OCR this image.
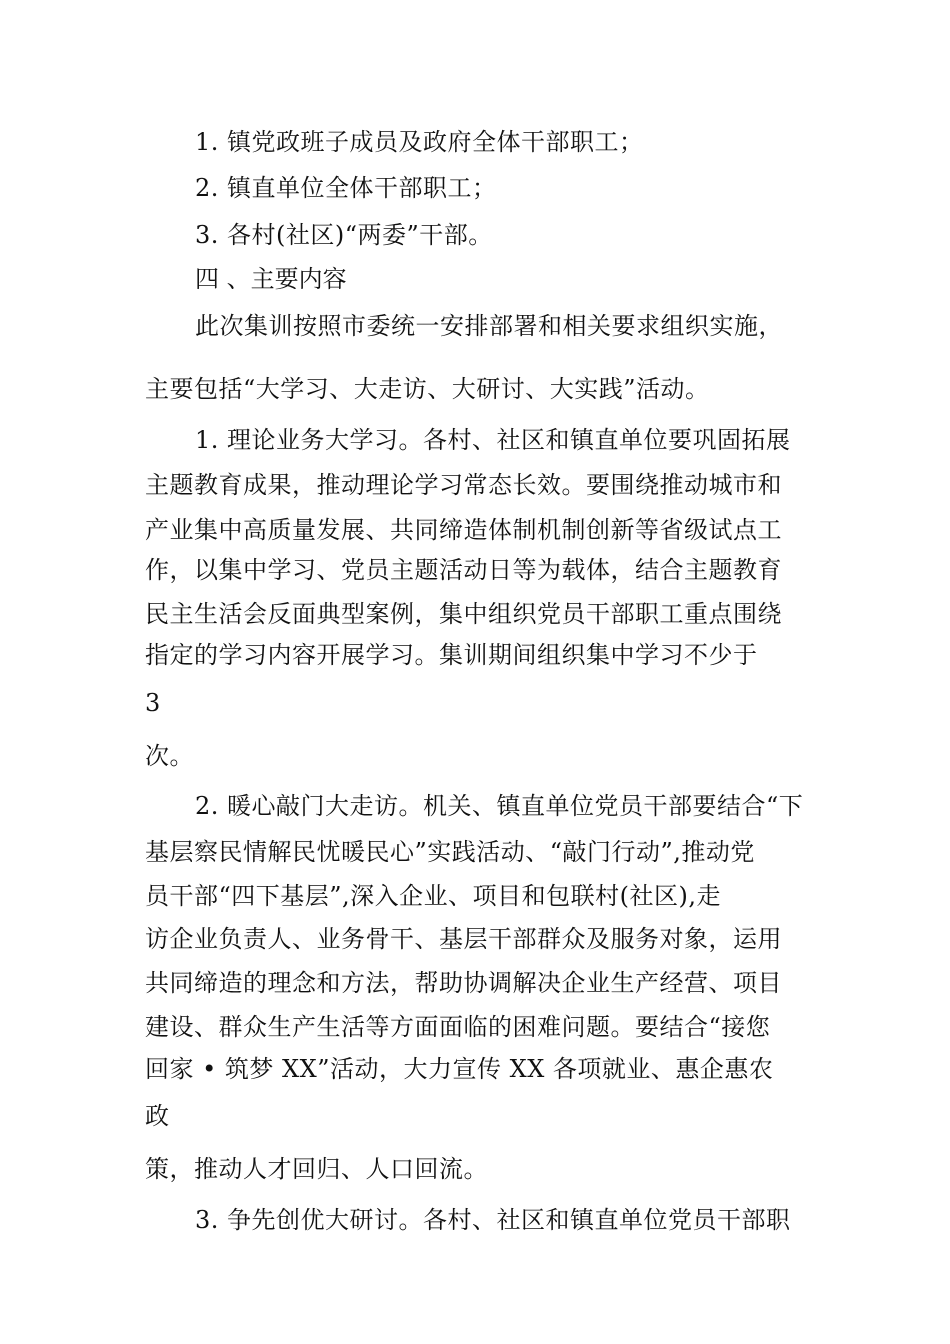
1. 镇党政班子成员及政府全体干部职工；
2. 镇直单位全体干部职工；
3. 各村(社区)“两委”干部。
四 、主要内容
此次集训按照市委统一安排部署和相关要求组织实施，
主要包括“大学习、大走访、大研讨、大实践”活动。
1. 理论业务大学习。各村、社区和镇直单位要巩固拓展
主题教育成果，推动理论学习常态长效。要围绕推动城市和
产业集中高质量发展、共同缔造体制机制创新等省级试点工
作，以集中学习、党员主题活动日等为载体，结合主题教育
民主生活会反面典型案例，集中组织党员干部职工重点围绕
指定的学习内容开展学习。集训期间组织集中学习不少于
3
次。
2. 暖心敲门大走访。机关、镇直单位党员干部要结合“下
基层察民情解民忧暖民心”实践活动、“敲门行动”,推动党
员干部“四下基层”,深入企业、项目和包联村(社区),走
访企业负责人、业务骨干、基层干部群众及服务对象，运用
共同缔造的理念和方法，帮助协调解决企业生产经营、项目
建设、群众生产生活等方面面临的困难问题。要结合“接您
回家 • 筑梦 XX”活动，大力宣传 XX 各项就业、惠企惠农
政
策，推动人才回归、人口回流。
3. 争先创优大研讨。各村、社区和镇直单位党员干部职
